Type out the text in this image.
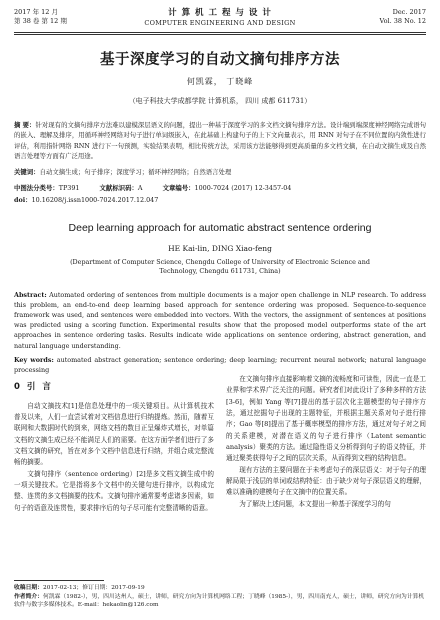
2017 年 12 月
第 38 卷 第 12 期
计 算 机 工 程 与 设 计
COMPUTER ENGINEERING AND DESIGN
Dec. 2017
Vol. 38 No. 12
基于深度学习的自动文摘句排序方法
何凯霖， 丁晓峰
（电子科技大学成都学院 计算机系， 四川 成都 611731）
摘 要：针对现有的文摘句排序方法难以建模深层语义的问题，提出一种基于深度学习的多文档文摘句排序方法。设计端到端深度神经网络完成语句的嵌入、理解及排序，用循环神经网络对句子进行单词级嵌入，在此基础上构建句子的上下文向量表示，用 RNN 对句子在不同位置的内敛性进行评估，利用指针网络 RNN 进行下一句预测，实验结果表明，相比传统方法，采用该方法能够得到更高质量的多文档文摘，在自动文摘生成及自然语言处理等方面有广泛用途。
关键词：自动文摘生成；句子排序；深度学习；循环神经网络；自然语言处理
中图法分类号：TP391	文献标识码：A	文章编号：1000-7024 (2017) 12-3457-04
doi：10.16208/j.issn1000-7024.2017.12.047
Deep learning approach for automatic abstract sentence ordering
HE Kai-lin, DING Xiao-feng
(Department of Computer Science, Chengdu College of University of Electronic Science and Technology, Chengdu 611731, China)
Abstract: Automated ordering of sentences from multiple documents is a major open challenge in NLP research. To address this problem, an end-to-end deep learning based approach for sentence ordering was proposed. Sequence-to-sequence framework was used, and sentences were embedded into vectors. With the vectors, the assignment of sentences at positions was predicted using a scoring function. Experimental results show that the proposed model outperforms state of the art approaches in sentence ordering tasks. Results indicate wide applications on sentence ordering, abstract generation, and natural language understanding.
Key words: automated abstract generation; sentence ordering; deep learning; recurrent neural network; natural language processing
0 引 言

自动文摘技术[1]是信息处理中的一项关键项目。从计算机技术普及以来，人们一直尝试着对文档信息进行归纳提炼。然而，随着互联网和大数据时代的到来，网络文档的数目正呈爆炸式增长，对单篇文档的文摘生成已经不能满足人们的需要。在这方面学者们进行了多文档文摘的研究，旨在对多个文档中信息进行归纳，并组合成完整流畅的摘要。

文摘句排序（sentence ordering）[2]是多文档文摘生成中的一项关键技术。它是指将多个文档中的关键句进行排序，以构成完整、连贯的多文档摘要的技术。文摘句排序通常要考虑诸多因素，如句子的语意及连贯性，要求排序后的句子尽可能有完整清晰的语意。

在文摘句排序直接影响着文摘的流畅度和可读性，因此一直是工业界和学术界广泛关注的问题。研究者们对此设计了多种多样的方法[3-6]，例如 Yang 等[7]提出的基于层次化主题模型的句子排序方法，通过挖掘句子出现的主题特征，并根据主题关系对句子进行排序；Gao 等[8]提出了基于概率模型的排序方法，通过对句子对之间的关系建模，对潜在语义的句子进行排序（Latent semantic analysis）聚类的方法。通过隐性语义分析得到句子的语义特征，并通过聚类获得句子之间的层次关系，从而得到文档的结构信息。

现有方法的主要问题在于未考虑句子的深层语义：对于句子的理解局限于浅层的单词或结构特征：由于缺少对句子深层语义的理解，难以准确的建模句子在文摘中的位置关系。

为了解决上述问题，本文提出一种基于深度学习的句

收稿日期：2017-02-13；修订日期：2017-09-19
作者简介：何凯霖（1982-），男，四川达州人，硕士，讲师，研究方向为计算机网络工程；丁晓峰（1985-），男，四川南充人，硕士，讲师，研究方向为计算机软件与数字多媒体技术。E-mail：hekaolin@126.com
